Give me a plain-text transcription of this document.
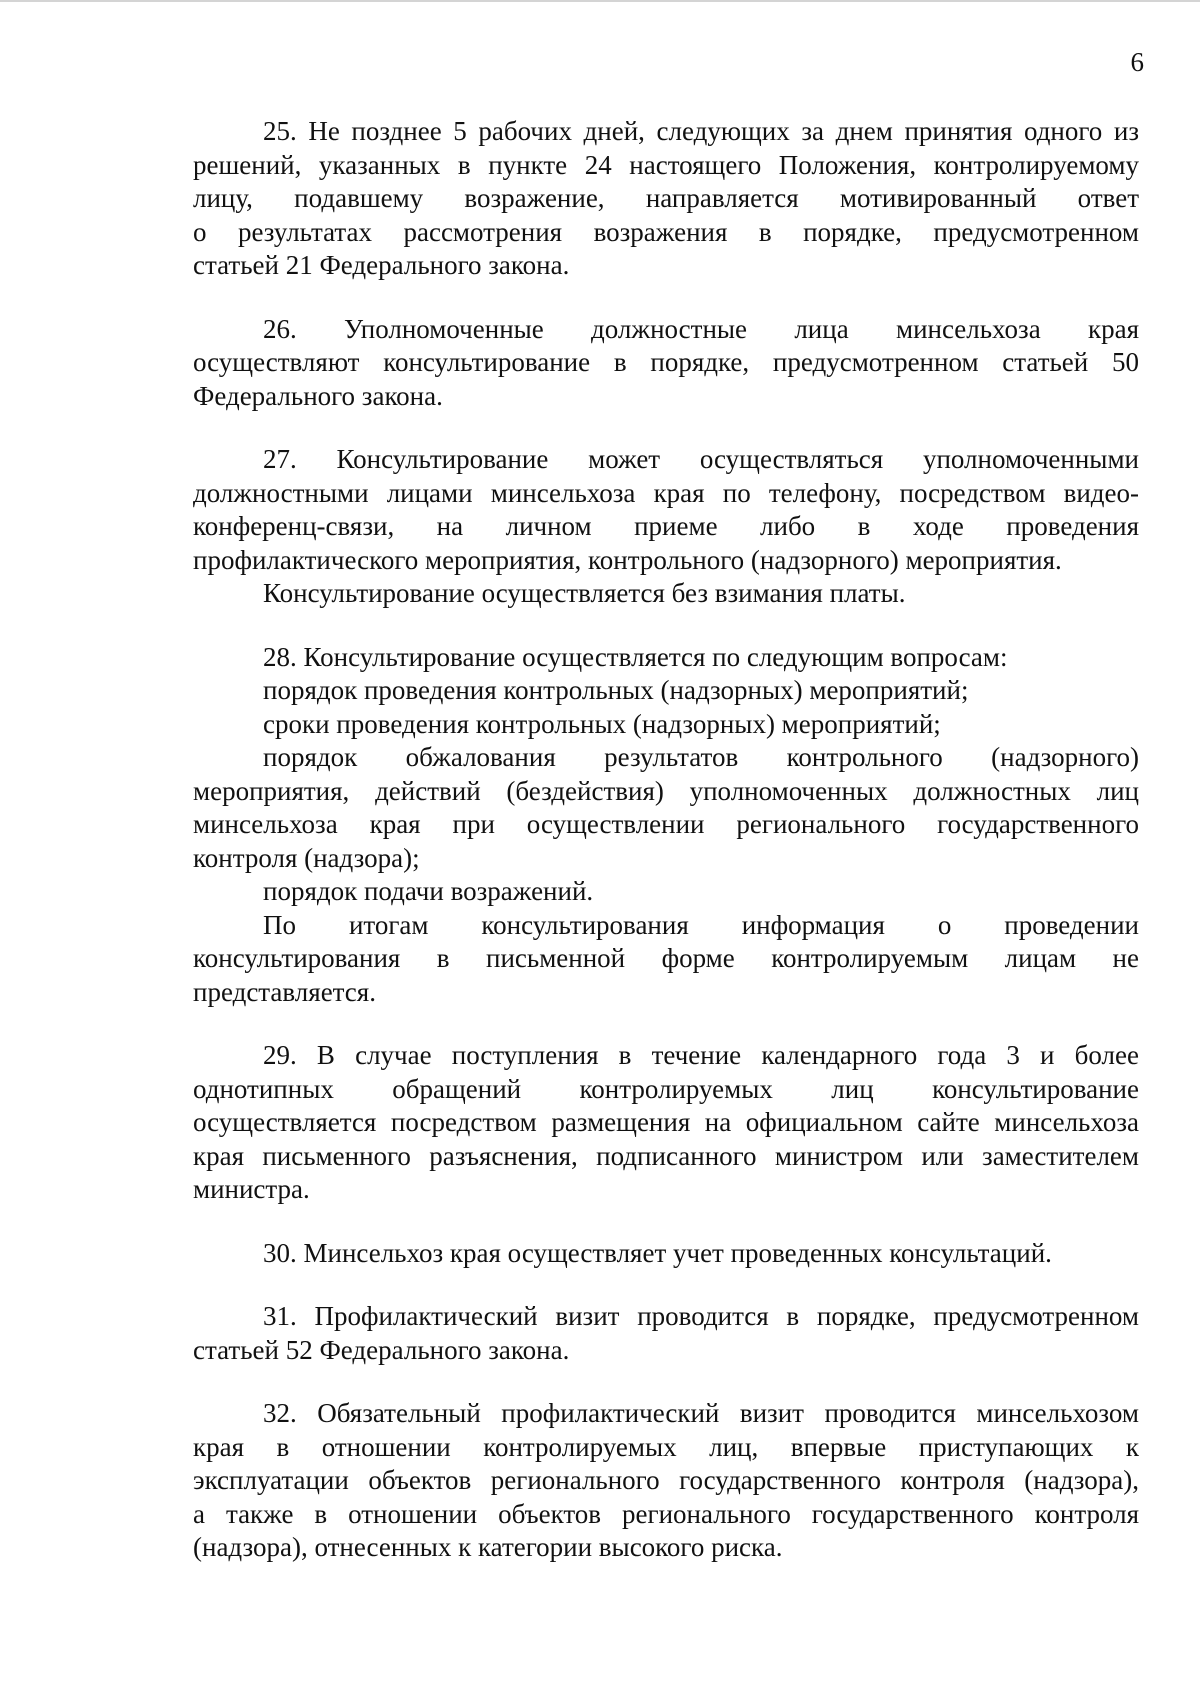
6
25. Не позднее 5 рабочих дней, следующих за днем принятия одного из
решений, указанных в пункте 24 настоящего Положения, контролируемому
лицу, подавшему возражение, направляется мотивированный ответ
о результатах рассмотрения возражения в порядке, предусмотренном
статьей 21 Федерального закона.
26. Уполномоченные должностные лица минсельхоза края
осуществляют консультирование в порядке, предусмотренном статьей 50
Федерального закона.
27. Консультирование может осуществляться уполномоченными
должностными лицами минсельхоза края по телефону, посредством видео-
конференц-связи, на личном приеме либо в ходе проведения
профилактического мероприятия, контрольного (надзорного) мероприятия.
Консультирование осуществляется без взимания платы.
28. Консультирование осуществляется по следующим вопросам:
порядок проведения контрольных (надзорных) мероприятий;
сроки проведения контрольных (надзорных) мероприятий;
порядок обжалования результатов контрольного (надзорного)
мероприятия, действий (бездействия) уполномоченных должностных лиц
минсельхоза края при осуществлении регионального государственного
контроля (надзора);
порядок подачи возражений.
По итогам консультирования информация о проведении
консультирования в письменной форме контролируемым лицам не
представляется.
29. В случае поступления в течение календарного года 3 и более
однотипных обращений контролируемых лиц консультирование
осуществляется посредством размещения на официальном сайте минсельхоза
края письменного разъяснения, подписанного министром или заместителем
министра.
30. Минсельхоз края осуществляет учет проведенных консультаций.
31. Профилактический визит проводится в порядке, предусмотренном
статьей 52 Федерального закона.
32. Обязательный профилактический визит проводится минсельхозом
края в отношении контролируемых лиц, впервые приступающих к
эксплуатации объектов регионального государственного контроля (надзора),
а также в отношении объектов регионального государственного контроля
(надзора), отнесенных к категории высокого риска.
